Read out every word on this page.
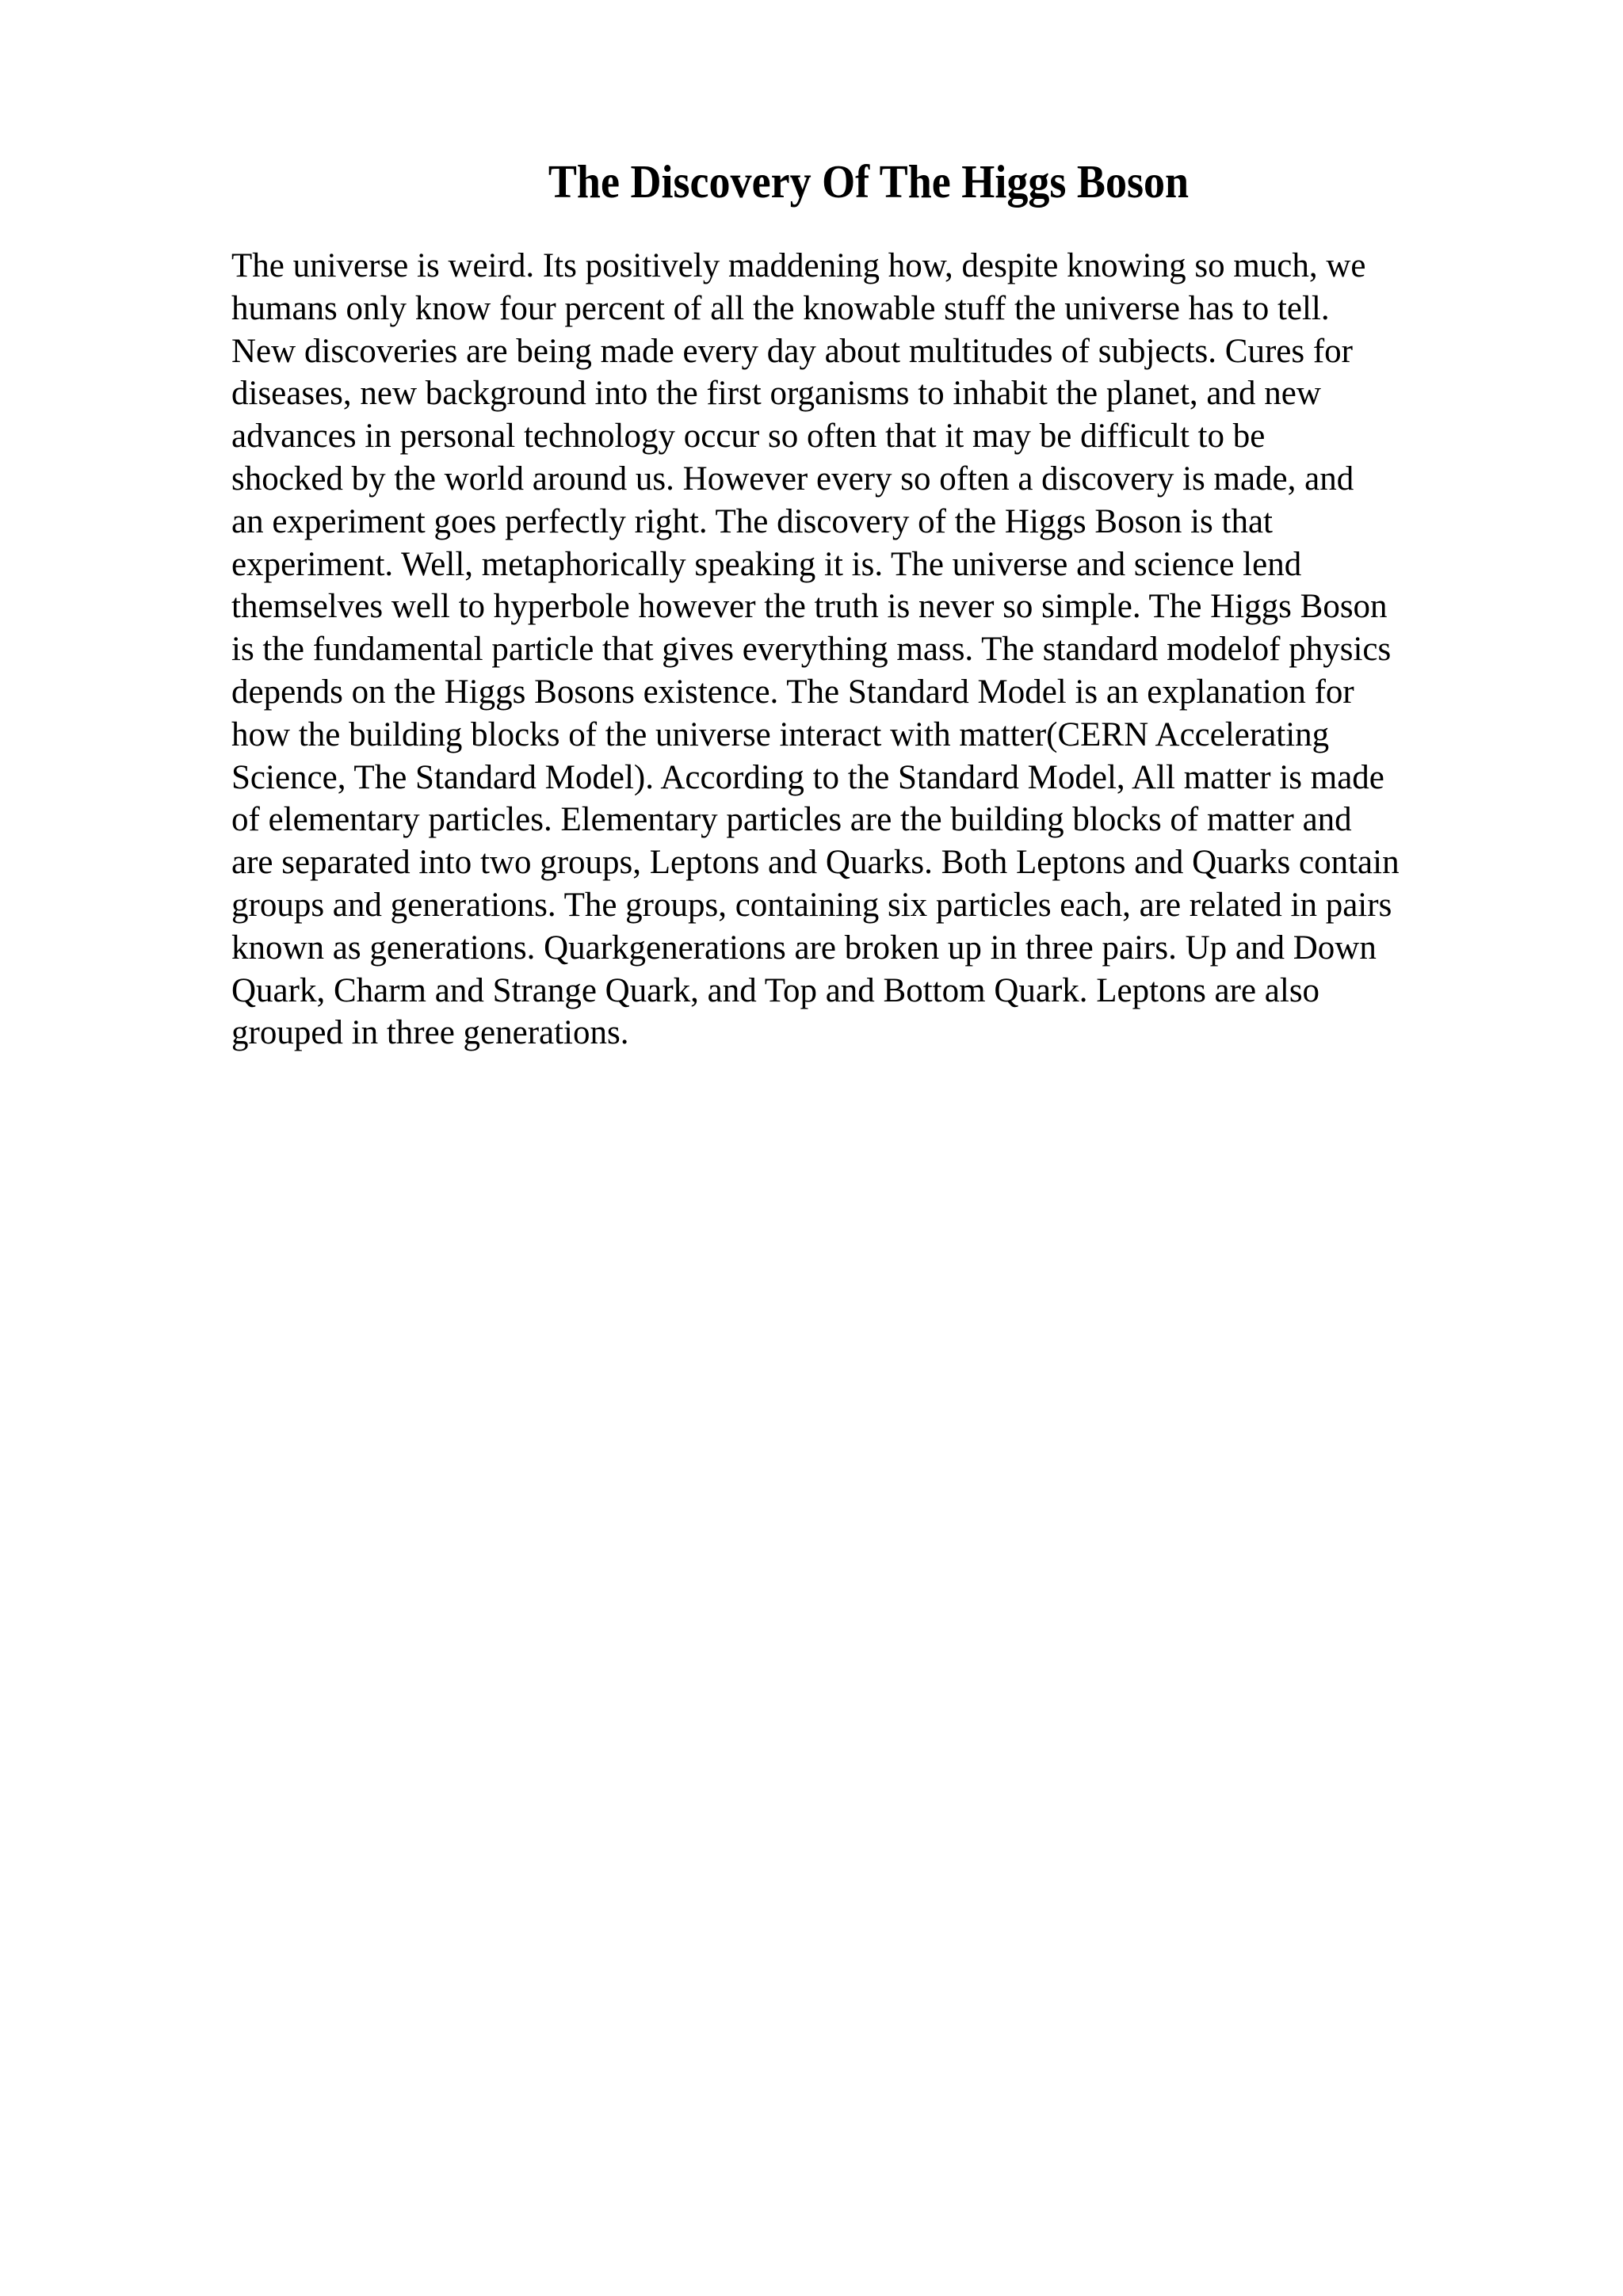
The Discovery Of The Higgs Boson
The universe is weird. Its positively maddening how, despite knowing so much, we
humans only know four percent of all the knowable stuff the universe has to tell.
New discoveries are being made every day about multitudes of subjects. Cures for
diseases, new background into the first organisms to inhabit the planet, and new
advances in personal technology occur so often that it may be difficult to be
shocked by the world around us. However every so often a discovery is made, and
an experiment goes perfectly right. The discovery of the Higgs Boson is that
experiment. Well, metaphorically speaking it is. The universe and science lend
themselves well to hyperbole however the truth is never so simple. The Higgs Boson
is the fundamental particle that gives everything mass. The standard modelof physics
depends on the Higgs Bosons existence. The Standard Model is an explanation for
how the building blocks of the universe interact with matter(CERN Accelerating
Science, The Standard Model). According to the Standard Model, All matter is made
of elementary particles. Elementary particles are the building blocks of matter and
are separated into two groups, Leptons and Quarks. Both Leptons and Quarks contain
groups and generations. The groups, containing six particles each, are related in pairs
known as generations. Quarkgenerations are broken up in three pairs. Up and Down
Quark, Charm and Strange Quark, and Top and Bottom Quark. Leptons are also
grouped in three generations.
